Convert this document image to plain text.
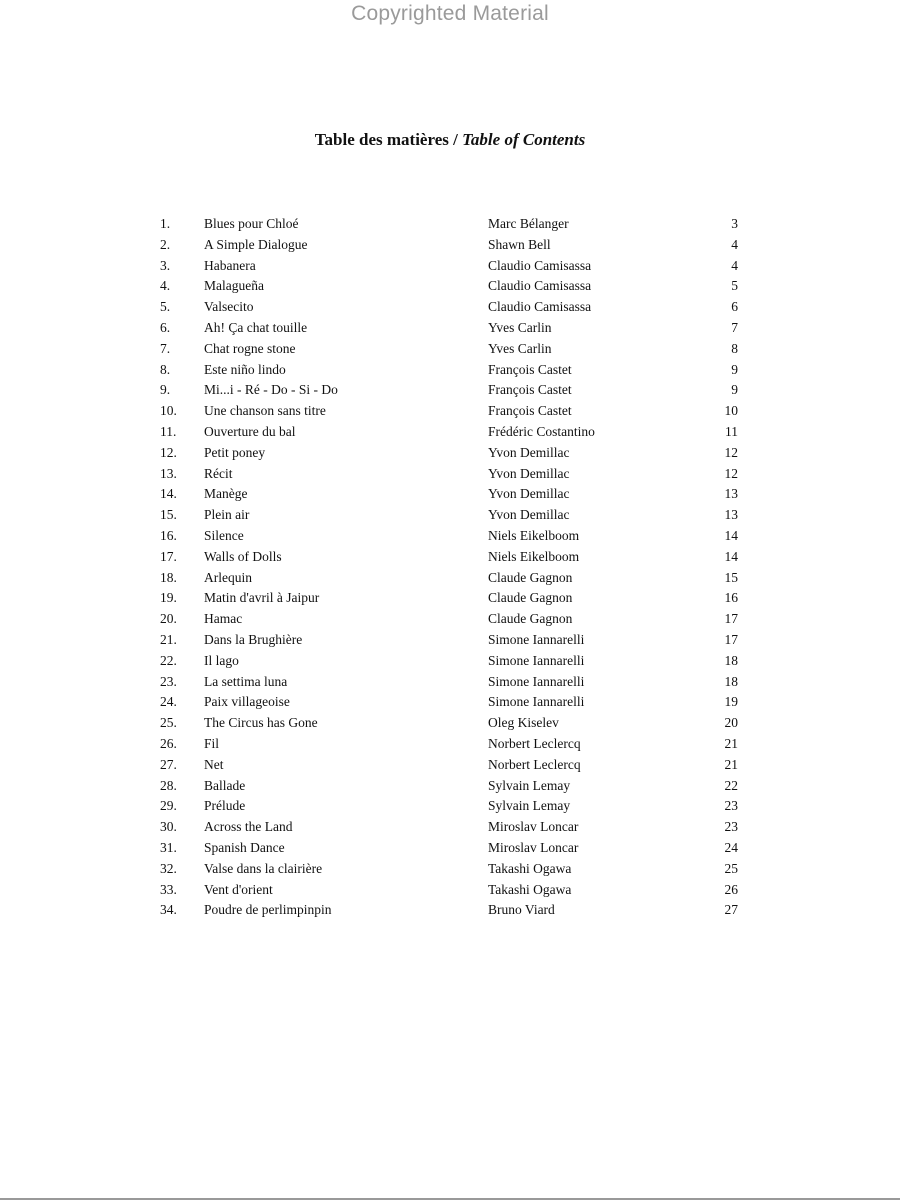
Copyrighted Material
Table des matières / Table of Contents
1.	Blues pour Chloé	Marc Bélanger	3
2.	A Simple Dialogue	Shawn Bell	4
3.	Habanera	Claudio Camisassa	4
4.	Malagueña	Claudio Camisassa	5
5.	Valsecito	Claudio Camisassa	6
6.	Ah! Ça chat touille	Yves Carlin	7
7.	Chat rogne stone	Yves Carlin	8
8.	Este niño lindo	François Castet	9
9.	Mi...i - Ré - Do - Si - Do	François Castet	9
10. Une chanson sans titre	François Castet	10
11. Ouverture du bal	Frédéric Costantino	11
12. Petit poney	Yvon Demillac	12
13. Récit	Yvon Demillac	12
14. Manège	Yvon Demillac	13
15. Plein air	Yvon Demillac	13
16. Silence	Niels Eikelboom	14
17. Walls of Dolls	Niels Eikelboom	14
18. Arlequin	Claude Gagnon	15
19. Matin d'avril à Jaipur	Claude Gagnon	16
20. Hamac	Claude Gagnon	17
21. Dans la Brughière	Simone Iannarelli	17
22. Il lago	Simone Iannarelli	18
23. La settima luna	Simone Iannarelli	18
24. Paix villageoise	Simone Iannarelli	19
25. The Circus has Gone	Oleg Kiselev	20
26. Fil	Norbert Leclercq	21
27. Net	Norbert Leclercq	21
28. Ballade	Sylvain Lemay	22
29. Prélude	Sylvain Lemay	23
30. Across the Land	Miroslav Loncar	23
31. Spanish Dance	Miroslav Loncar	24
32. Valse dans la clairière	Takashi Ogawa	25
33. Vent d'orient	Takashi Ogawa	26
34. Poudre de perlimpinpin	Bruno Viard	27
